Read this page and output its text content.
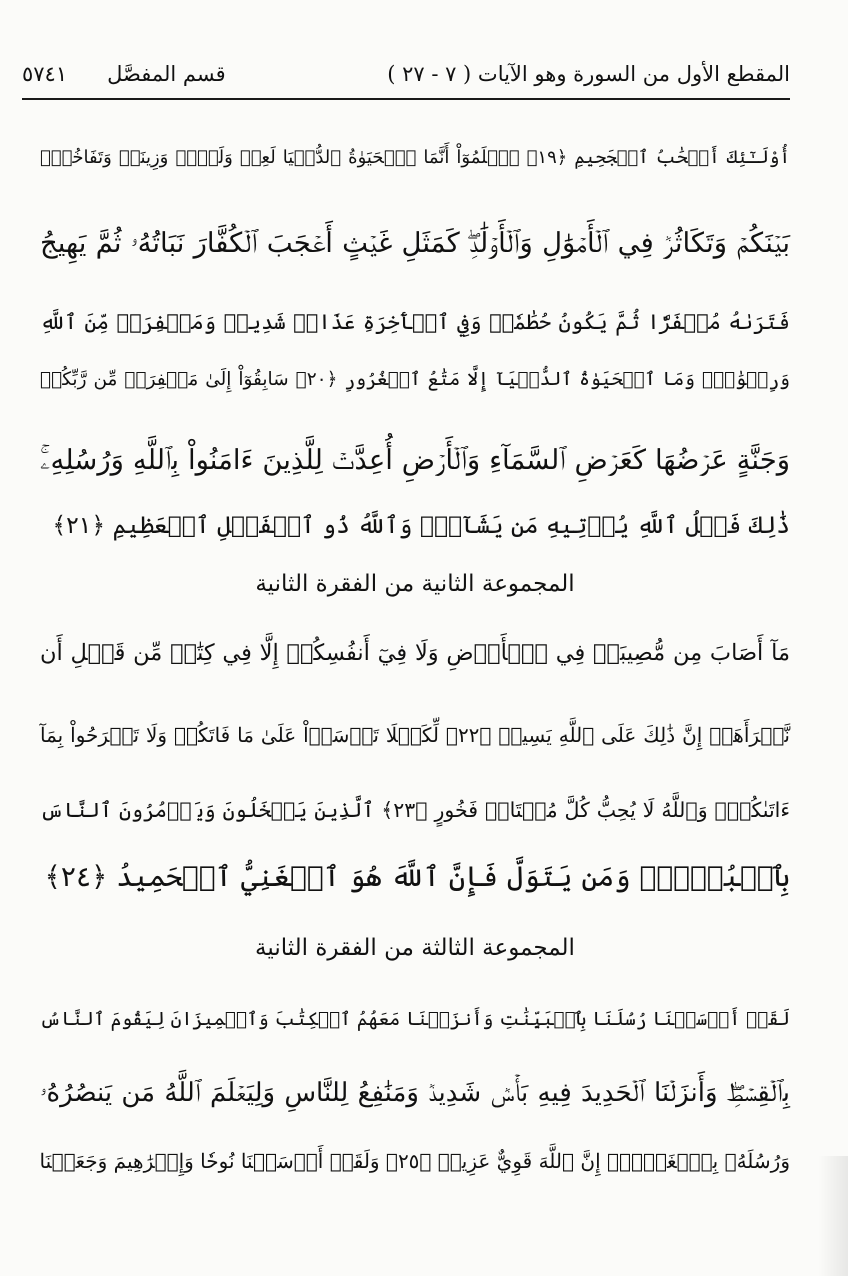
المقطع الأول من السورة وهو الآيات ( ٧ - ٢٧ )
قسم المفصَّل
٥٧٤١
أُوْلَـٰٓئِكَ أَصۡحَٰبُ ٱلۡجَحِيمِ ﴿١٩﴾ ٱعۡلَمُوٓاْ أَنَّمَا ٱلۡحَيَوٰةُ ٱلدُّنۡيَا لَعِبٞ وَلَهۡوٞ وَزِينَةٞ وَتَفَاخُرُۢ
بَيۡنَكُمۡ وَتَكَاثُرٞ فِي ٱلۡأَمۡوَٰلِ وَٱلۡأَوۡلَٰدِۖ كَمَثَلِ غَيۡثٍ أَعۡجَبَ ٱلۡكُفَّارَ نَبَاتُهُۥ ثُمَّ يَهِيجُ
فَتَرَىٰهُ مُصۡفَرّٗا ثُمَّ يَكُونُ حُطَٰمٗاۖ وَفِي ٱلۡأٓخِرَةِ عَذَابٞ شَدِيدٞ وَمَغۡفِرَةٞ مِّنَ ٱللَّهِ
وَرِضۡوَٰنٞۚ وَمَا ٱلۡحَيَوٰةُ ٱلدُّنۡيَآ إِلَّا مَتَٰعُ ٱلۡغُرُورِ ﴿٢٠﴾ سَابِقُوٓاْ إِلَىٰ مَغۡفِرَةٖ مِّن رَّبِّكُمۡ
وَجَنَّةٍ عَرۡضُهَا كَعَرۡضِ ٱلسَّمَآءِ وَٱلۡأَرۡضِ أُعِدَّتۡ لِلَّذِينَ ءَامَنُواْ بِٱللَّهِ وَرُسُلِهِۦۚ
ذَٰلِكَ فَضۡلُ ٱللَّهِ يُؤۡتِيهِ مَن يَشَآءُۚ وَٱللَّهُ ذُو ٱلۡفَضۡلِ ٱلۡعَظِيمِ ﴿٢١﴾
المجموعة الثانية من الفقرة الثانية
مَآ أَصَابَ مِن مُّصِيبَةٖ فِي ٱلۡأَرۡضِ وَلَا فِيٓ أَنفُسِكُمۡ إِلَّا فِي كِتَٰبٖ مِّن قَبۡلِ أَن
نَّبۡرَأَهَآۚ إِنَّ ذَٰلِكَ عَلَى ٱللَّهِ يَسِيرٞ ﴿٢٢﴾ لِّكَيۡلَا تَأۡسَوۡاْ عَلَىٰ مَا فَاتَكُمۡ وَلَا تَفۡرَحُواْ بِمَآ
ءَاتَىٰكُمۡۗ وَٱللَّهُ لَا يُحِبُّ كُلَّ مُخۡتَالٖ فَخُورٍ ﴿٢٣﴾ ٱلَّذِينَ يَبۡخَلُونَ وَيَأۡمُرُونَ ٱلنَّاسَ
بِٱلۡبُخۡلِۗ وَمَن يَتَوَلَّ فَإِنَّ ٱللَّهَ هُوَ ٱلۡغَنِيُّ ٱلۡحَمِيدُ ﴿٢٤﴾
المجموعة الثالثة من الفقرة الثانية
لَقَدۡ أَرۡسَلۡنَا رُسُلَنَا بِٱلۡبَيِّنَٰتِ وَأَنزَلۡنَا مَعَهُمُ ٱلۡكِتَٰبَ وَٱلۡمِيزَانَ لِيَقُومَ ٱلنَّاسُ
بِٱلۡقِسۡطِۖ وَأَنزَلۡنَا ٱلۡحَدِيدَ فِيهِ بَأۡسٞ شَدِيدٞ وَمَنَٰفِعُ لِلنَّاسِ وَلِيَعۡلَمَ ٱللَّهُ مَن يَنصُرُهُۥ
وَرُسُلَهُۥ بِٱلۡغَيۡبِۚ إِنَّ ٱللَّهَ قَوِيٌّ عَزِيزٞ ﴿٢٥﴾ وَلَقَدۡ أَرۡسَلۡنَا نُوحٗا وَإِبۡرَٰهِيمَ وَجَعَلۡنَا
